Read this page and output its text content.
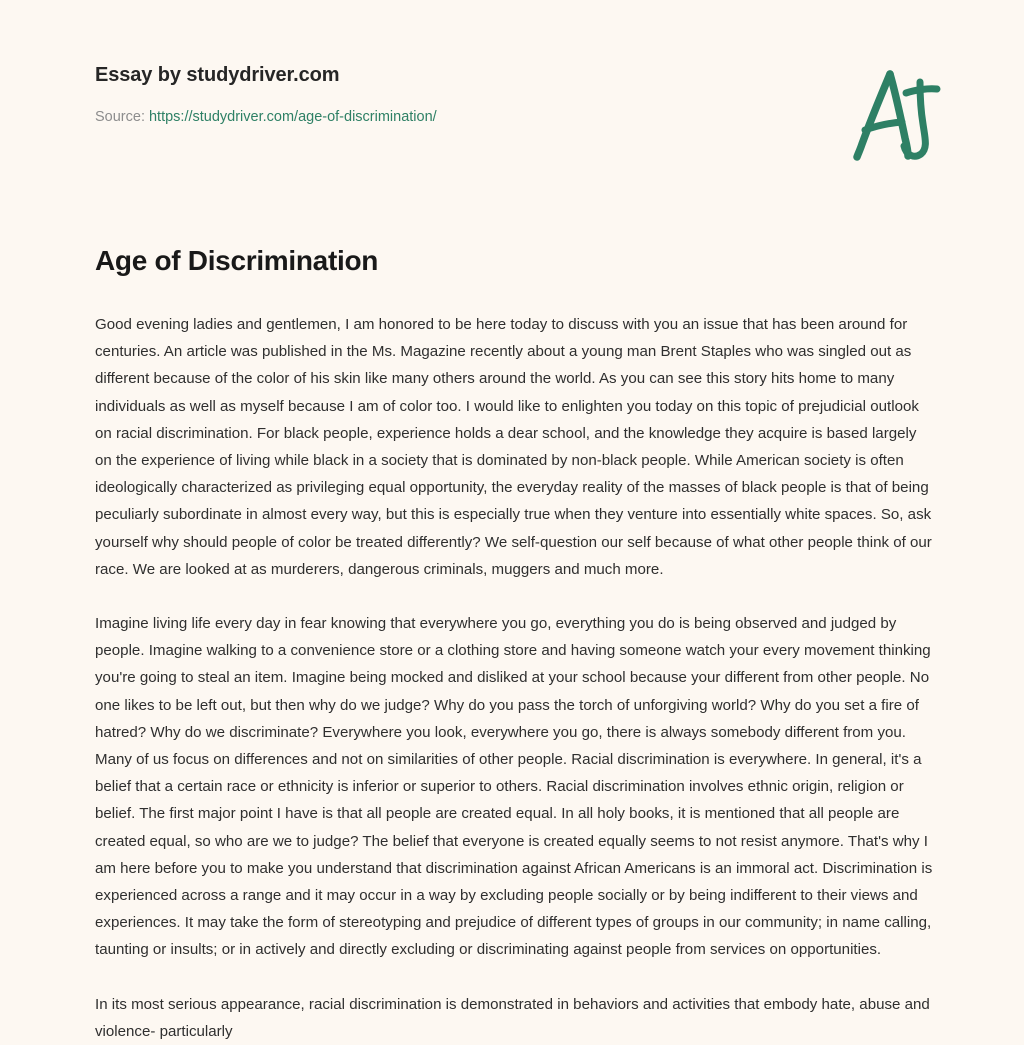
Essay by studydriver.com
Source: https://studydriver.com/age-of-discrimination/
Age of Discrimination

Good evening ladies and gentlemen, I am honored to be here today to discuss with you an issue that has been around for centuries. An article was published in the Ms. Magazine recently about a young man Brent Staples who was singled out as different because of the color of his skin like many others around the world. As you can see this story hits home to many individuals as well as myself because I am of color too. I would like to enlighten you today on this topic of prejudicial outlook on racial discrimination. For black people, experience holds a dear school, and the knowledge they acquire is based largely on the experience of living while black in a society that is dominated by non-black people. While American society is often ideologically characterized as privileging equal opportunity, the everyday reality of the masses of black people is that of being peculiarly subordinate in almost every way, but this is especially true when they venture into essentially white spaces. So, ask yourself why should people of color be treated differently? We self-question our self because of what other people think of our race. We are looked at as murderers, dangerous criminals, muggers and much more.

Imagine living life every day in fear knowing that everywhere you go, everything you do is being observed and judged by people. Imagine walking to a convenience store or a clothing store and having someone watch your every movement thinking you're going to steal an item. Imagine being mocked and disliked at your school because your different from other people. No one likes to be left out, but then why do we judge? Why do you pass the torch of unforgiving world? Why do you set a fire of hatred? Why do we discriminate? Everywhere you look, everywhere you go, there is always somebody different from you. Many of us focus on differences and not on similarities of other people. Racial discrimination is everywhere. In general, it's a belief that a certain race or ethnicity is inferior or superior to others. Racial discrimination involves ethnic origin, religion or belief. The first major point I have is that all people are created equal. In all holy books, it is mentioned that all people are created equal, so who are we to judge? The belief that everyone is created equally seems to not resist anymore. That's why I am here before you to make you understand that discrimination against African Americans is an immoral act. Discrimination is experienced across a range and it may occur in a way by excluding people socially or by being indifferent to their views and experiences. It may take the form of stereotyping and prejudice of different types of groups in our community; in name calling, taunting or insults; or in actively and directly excluding or discriminating against people from services on opportunities.

In its most serious appearance, racial discrimination is demonstrated in behaviors and activities that embody hate, abuse and violence- particularly
